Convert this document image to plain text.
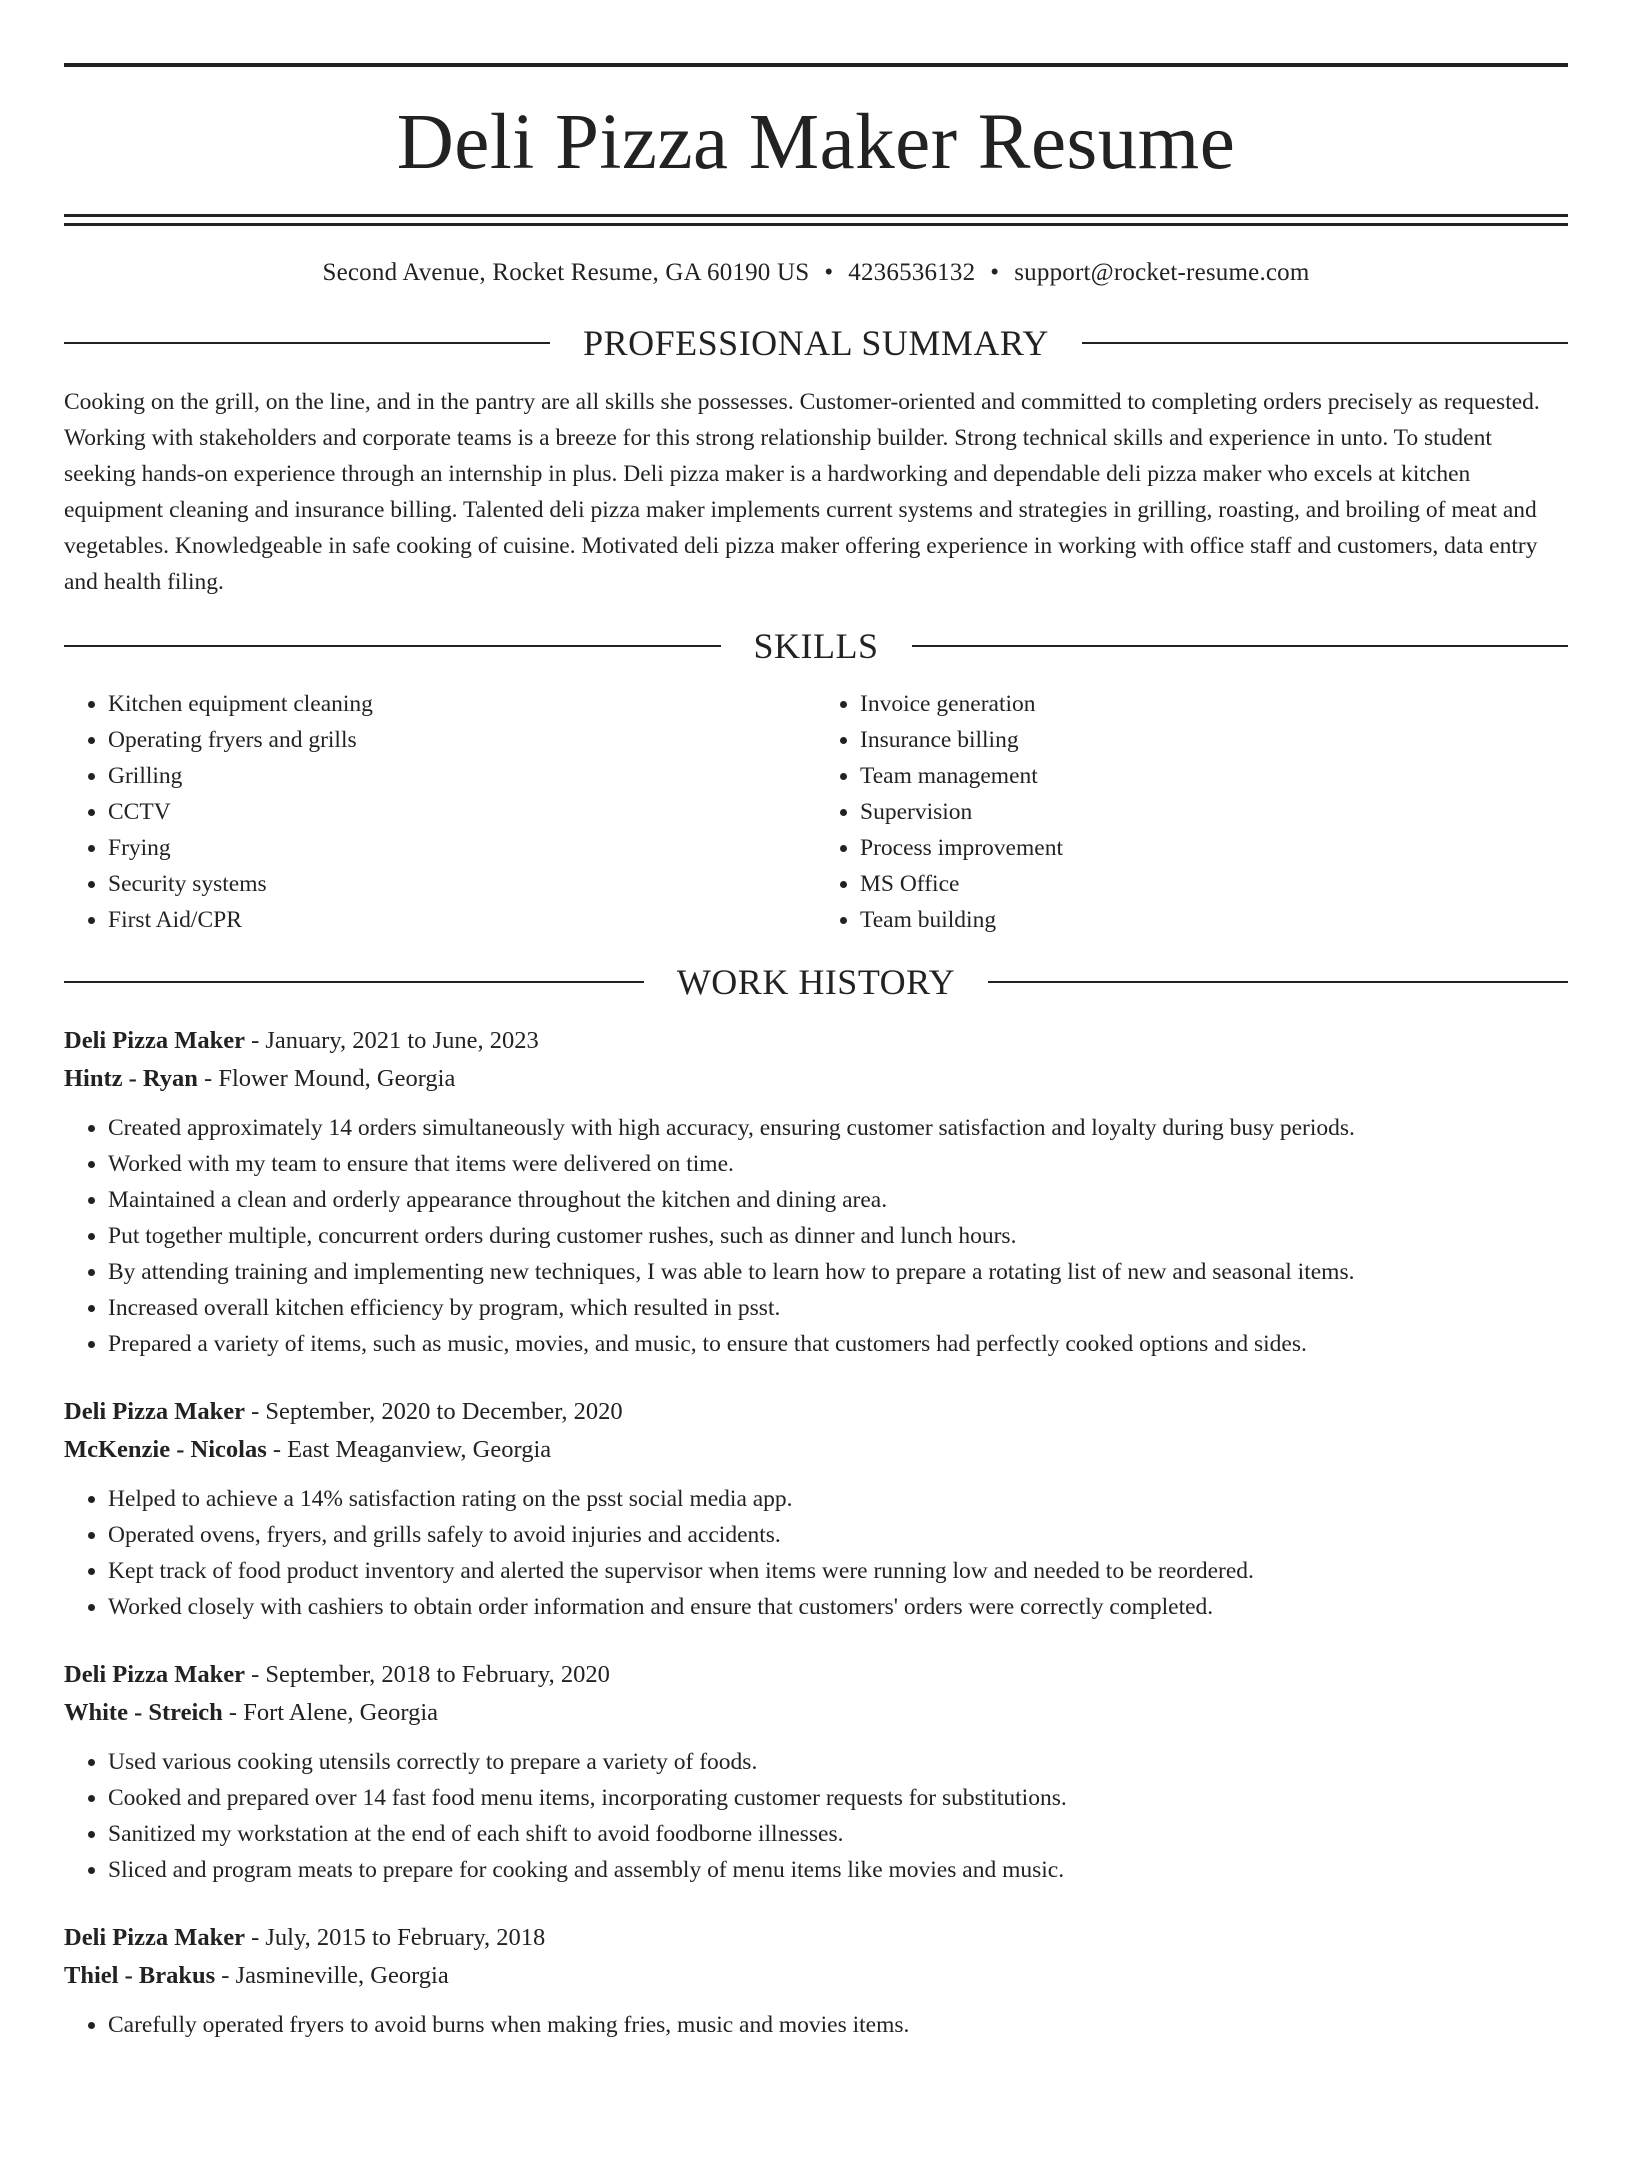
Deli Pizza Maker Resume
Second Avenue, Rocket Resume, GA 60190 US • 4236536132 • support@rocket-resume.com
PROFESSIONAL SUMMARY
Cooking on the grill, on the line, and in the pantry are all skills she possesses. Customer-oriented and committed to completing orders precisely as requested. Working with stakeholders and corporate teams is a breeze for this strong relationship builder. Strong technical skills and experience in unto. To student seeking hands-on experience through an internship in plus. Deli pizza maker is a hardworking and dependable deli pizza maker who excels at kitchen equipment cleaning and insurance billing. Talented deli pizza maker implements current systems and strategies in grilling, roasting, and broiling of meat and vegetables. Knowledgeable in safe cooking of cuisine. Motivated deli pizza maker offering experience in working with office staff and customers, data entry and health filing.
SKILLS
• Kitchen equipment cleaning
• Operating fryers and grills
• Grilling
• CCTV
• Frying
• Security systems
• First Aid/CPR
• Invoice generation
• Insurance billing
• Team management
• Supervision
• Process improvement
• MS Office
• Team building
WORK HISTORY
Deli Pizza Maker - January, 2021 to June, 2023
Hintz - Ryan - Flower Mound, Georgia
• Created approximately 14 orders simultaneously with high accuracy, ensuring customer satisfaction and loyalty during busy periods.
• Worked with my team to ensure that items were delivered on time.
• Maintained a clean and orderly appearance throughout the kitchen and dining area.
• Put together multiple, concurrent orders during customer rushes, such as dinner and lunch hours.
• By attending training and implementing new techniques, I was able to learn how to prepare a rotating list of new and seasonal items.
• Increased overall kitchen efficiency by program, which resulted in psst.
• Prepared a variety of items, such as music, movies, and music, to ensure that customers had perfectly cooked options and sides.
Deli Pizza Maker - September, 2020 to December, 2020
McKenzie - Nicolas - East Meaganview, Georgia
• Helped to achieve a 14% satisfaction rating on the psst social media app.
• Operated ovens, fryers, and grills safely to avoid injuries and accidents.
• Kept track of food product inventory and alerted the supervisor when items were running low and needed to be reordered.
• Worked closely with cashiers to obtain order information and ensure that customers' orders were correctly completed.
Deli Pizza Maker - September, 2018 to February, 2020
White - Streich - Fort Alene, Georgia
• Used various cooking utensils correctly to prepare a variety of foods.
• Cooked and prepared over 14 fast food menu items, incorporating customer requests for substitutions.
• Sanitized my workstation at the end of each shift to avoid foodborne illnesses.
• Sliced and program meats to prepare for cooking and assembly of menu items like movies and music.
Deli Pizza Maker - July, 2015 to February, 2018
Thiel - Brakus - Jasmineville, Georgia
• Carefully operated fryers to avoid burns when making fries, music and movies items.
